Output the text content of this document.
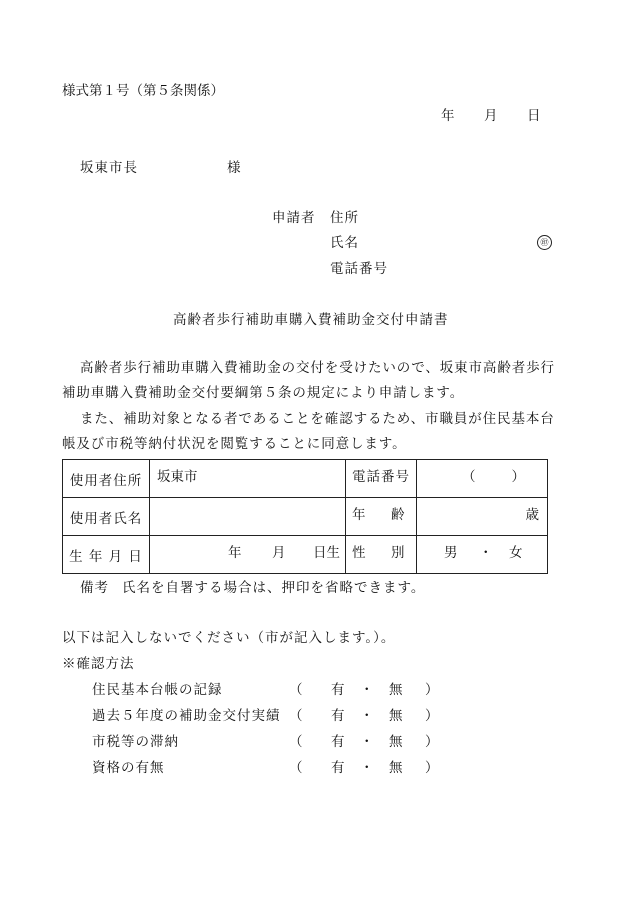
様式第１号（第５条関係）
年 月 日
坂東市長	様
申請者 住所
氏名	㊞
電話番号
高齢者歩行補助車購入費補助金交付申請書
高齢者歩行補助車購入費補助金の交付を受けたいので、坂東市高齢者歩行
補助車購入費補助金交付要綱第５条の規定により申請します。
また、補助対象となる者であることを確認するため、市職員が住民基本台
帳及び市税等納付状況を閲覧することに同意します。
使用者住所	坂東市	電話番号	（　　）

使用者氏名		年 齢	歳

生 年 月 日	年 月 日生	性 別	男 ・ 女
備考 氏名を自署する場合は、押印を省略できます。
以下は記入しないでください（市が記入します。）。
※確認方法
住民基本台帳の記録	（ 有 ・ 無 ）
過去５年度の補助金交付実績 （ 有 ・ 無 ）
市税等の滞納	（ 有 ・ 無 ）
資格の有無	（ 有 ・ 無 ）
